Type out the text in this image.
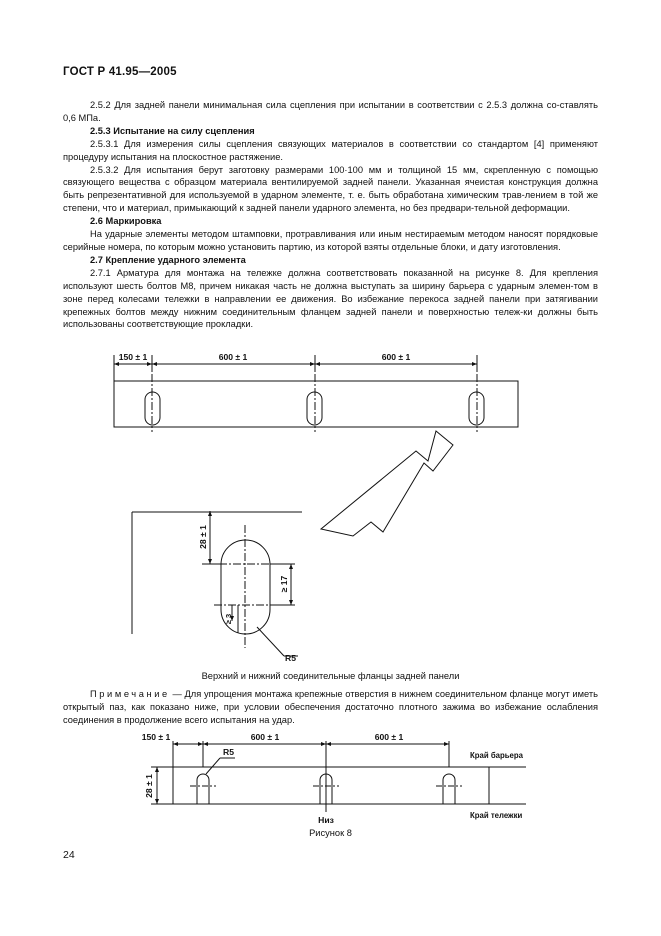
ГОСТ Р 41.95—2005

2.5.2 Для задней панели минимальная сила сцепления при испытании в соответствии с 2.5.3 должна со-ставлять 0,6 МПа.

2.5.3 Испытание на силу сцепления

2.5.3.1 Для измерения силы сцепления связующих материалов в соответствии со стандартом [4] применяют процедуру испытания на плоскостное растяжение.

2.5.3.2 Для испытания берут заготовку размерами 100·100 мм и толщиной 15 мм, скрепленную с помощью связующего вещества с образцом материала вентилируемой задней панели. Указанная ячеистая конструкция должна быть репрезентативной для используемой в ударном элементе, т. е. быть обработана химическим трав-лением в той же степени, что и материал, примыкающий к задней панели ударного элемента, но без предвари-тельной деформации.

2.6 Маркировка

На ударные элементы методом штамповки, протравливания или иным нестираемым методом наносят порядковые серийные номера, по которым можно установить партию, из которой взяты отдельные блоки, и дату изготовления.

2.7 Крепление ударного элемента

2.7.1 Арматура для монтажа на тележке должна соответствовать показанной на рисунке 8. Для крепления используют шесть болтов М8, причем никакая часть не должна выступать за ширину барьера с ударным элемен-том в зоне перед колесами тележки в направлении ее движения. Во избежание перекоса задней панели при затягивании крепежных болтов между нижним соединительным фланцем задней панели и поверхностью тележ-ки должны быть использованы соответствующие прокладки.

150 ± 1	600 ± 1	600 ± 1
28 ± 1
≥ 17
≥ 3
R5
150 ± 1	600 ± 1	600 ± 1
28 ± 1
R5
Низ
Край барьера
Край тележки
Верхний и нижний соединительные фланцы задней панели
Примечание — Для упрощения монтажа крепежные отверстия в нижнем соединительном фланце могут иметь открытый паз, как показано ниже, при условии обеспечения достаточно плотного зажима во избежание ослабления соединения в продолжение всего испытания на удар.
Рисунок 8
24
